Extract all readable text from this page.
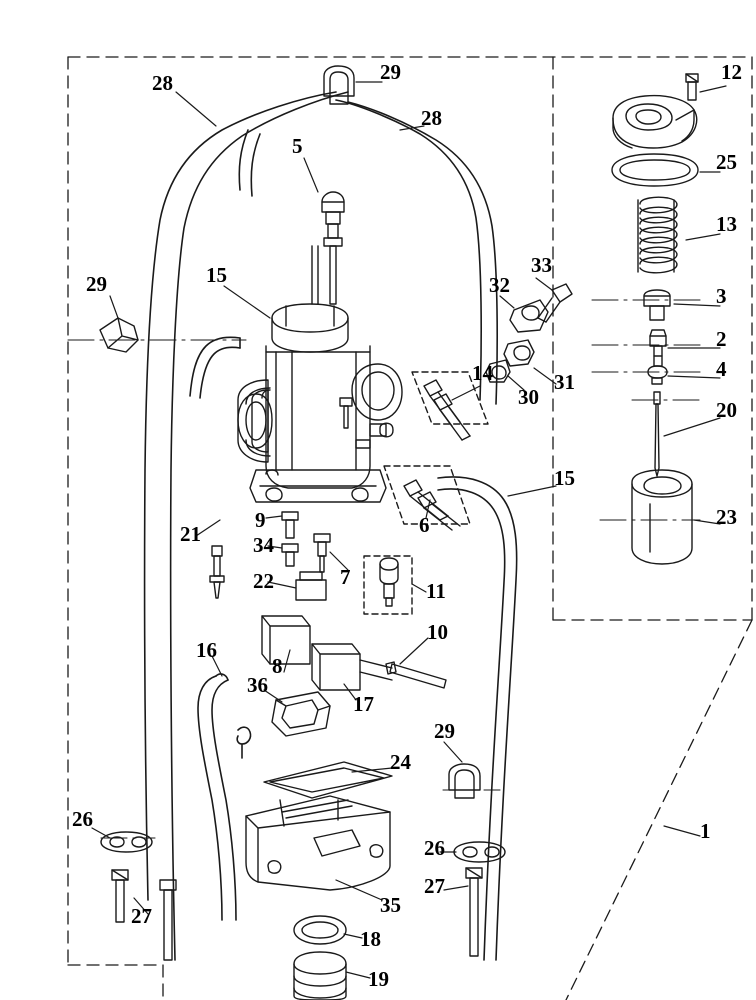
29	12
28
28
5
25
13
33
15	32
29	3
2
4
14	31
30
20
15
23
6
9
21 34
22	7
11
10
16
8
36
17
29
24
1
26
26
27
27
35
18
19
